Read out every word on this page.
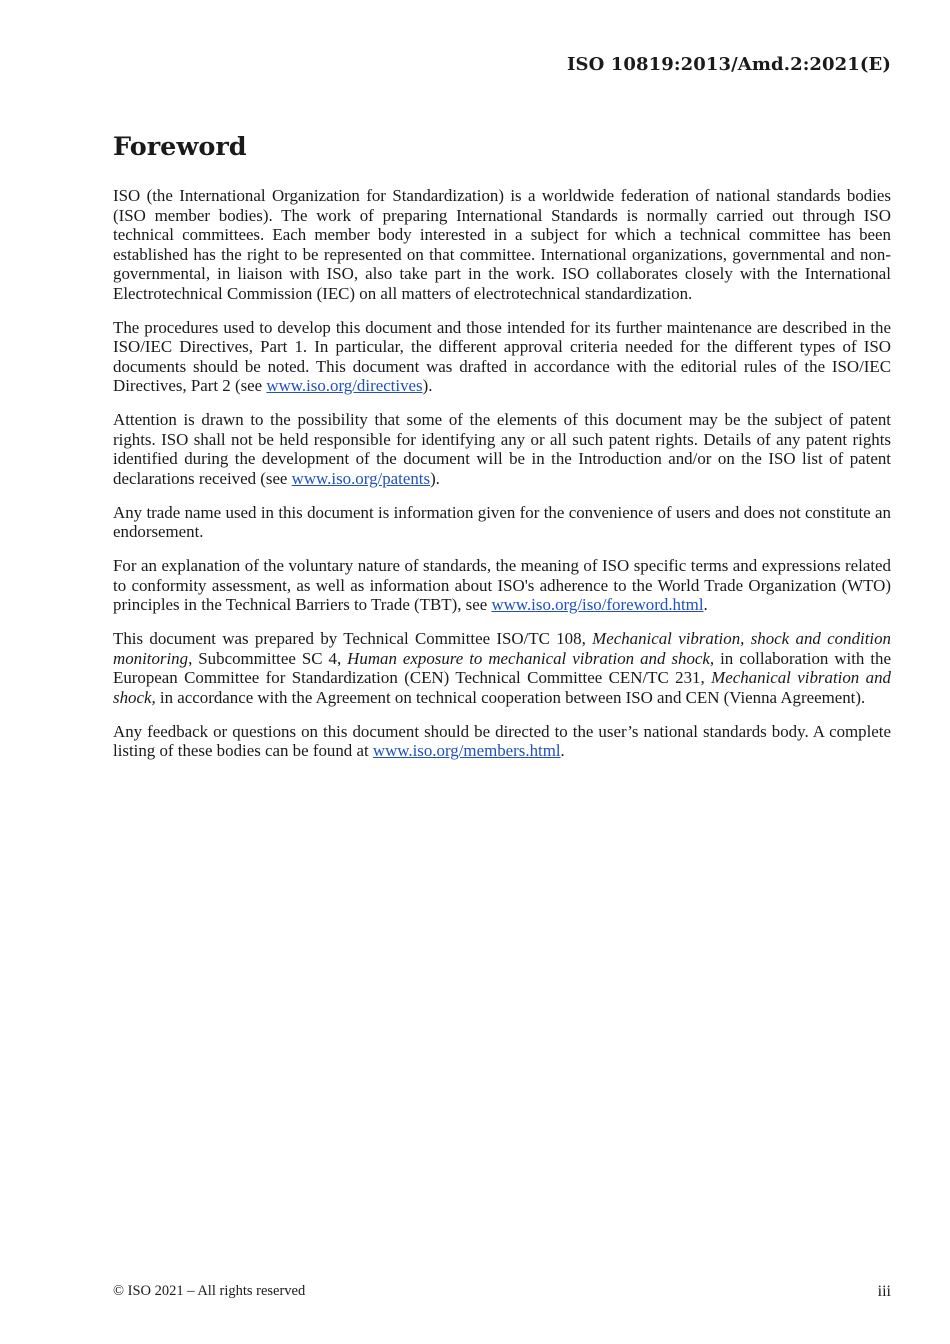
ISO 10819:2013/Amd.2:2021(E)
Foreword

ISO (the International Organization for Standardization) is a worldwide federation of national standards bodies (ISO member bodies). The work of preparing International Standards is normally carried out through ISO technical committees. Each member body interested in a subject for which a technical committee has been established has the right to be represented on that committee. International organizations, governmental and non-governmental, in liaison with ISO, also take part in the work. ISO collaborates closely with the International Electrotechnical Commission (IEC) on all matters of electrotechnical standardization.

The procedures used to develop this document and those intended for its further maintenance are described in the ISO/IEC Directives, Part 1. In particular, the different approval criteria needed for the different types of ISO documents should be noted. This document was drafted in accordance with the editorial rules of the ISO/IEC Directives, Part 2 (see www.iso.org/directives).

Attention is drawn to the possibility that some of the elements of this document may be the subject of patent rights. ISO shall not be held responsible for identifying any or all such patent rights. Details of any patent rights identified during the development of the document will be in the Introduction and/or on the ISO list of patent declarations received (see www.iso.org/patents).

Any trade name used in this document is information given for the convenience of users and does not constitute an endorsement.

For an explanation of the voluntary nature of standards, the meaning of ISO specific terms and expressions related to conformity assessment, as well as information about ISO's adherence to the World Trade Organization (WTO) principles in the Technical Barriers to Trade (TBT), see www.iso.org/iso/foreword.html.

This document was prepared by Technical Committee ISO/TC 108, Mechanical vibration, shock and condition monitoring, Subcommittee SC 4, Human exposure to mechanical vibration and shock, in collaboration with the European Committee for Standardization (CEN) Technical Committee CEN/TC 231, Mechanical vibration and shock, in accordance with the Agreement on technical cooperation between ISO and CEN (Vienna Agreement).

Any feedback or questions on this document should be directed to the user’s national standards body. A complete listing of these bodies can be found at www.iso.org/members.html.

© ISO 2021 – All rights reserved	iii
